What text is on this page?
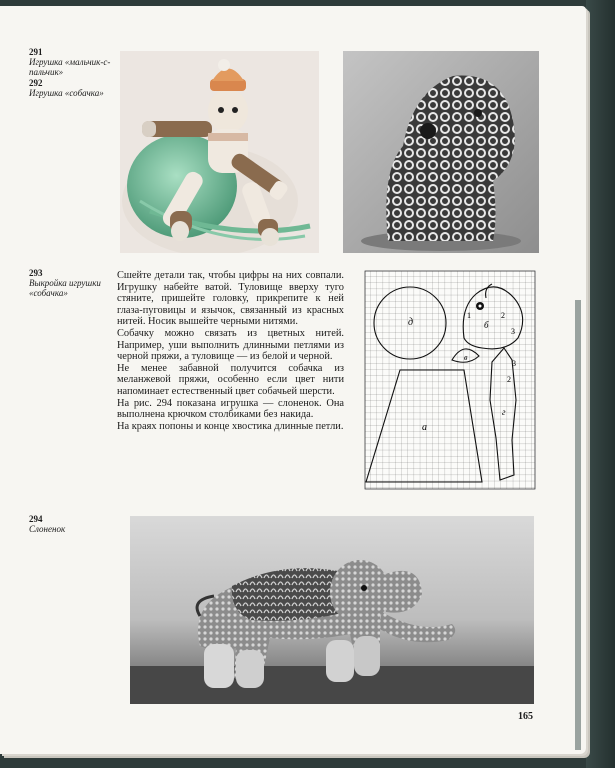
291
Игрушка «мальчик-с-пальчик»
292
Игрушка «собачка»
293
Выкройка игрушки «собачка»
294
Слоненок
д	б
а
в
г
1	2
3
2
3

Сшейте детали так, чтобы цифры на них совпали. Игрушку набейте ватой. Туловище вверху туго стяните, пришейте головку, прикрепите к ней глаза-пуговицы и язычок, связанный из красных нитей. Носик вышейте черными нитями.

Собачку можно связать из цветных нитей. Например, уши выполнить длинными петлями из черной пряжи, а туловище — из белой и черной.

Не менее забавной получится собачка из меланжевой пряжи, особенно если цвет нити напоминает естественный цвет собачьей шерсти.

На рис. 294 показана игрушка — слоненок. Она выполнена крючком столбиками без накида.

На краях попоны и конце хвостика длинные петли.

165
